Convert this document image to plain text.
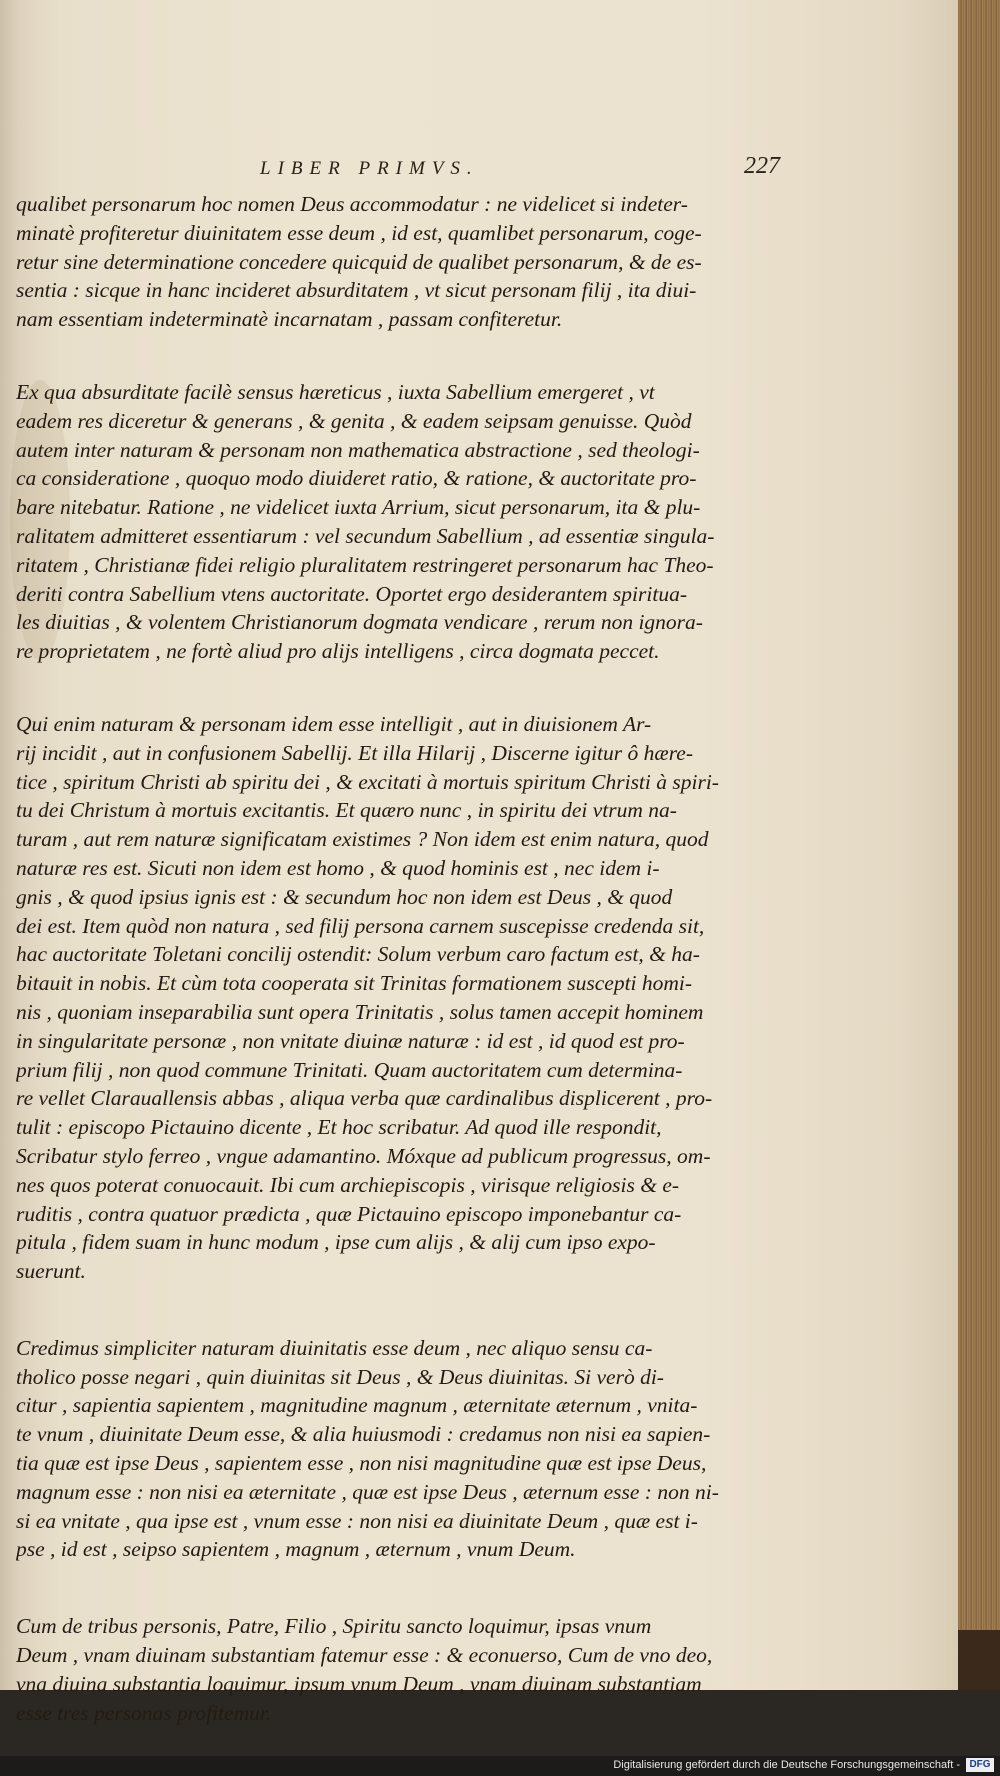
LIBER PRIMVS.	227
qualibet personarum hoc nomen Deus accommodatur : ne videlicet si indeter-
minatè profiteretur diuinitatem esse deum , id est, quamlibet personarum, coge-
retur sine determinatione concedere quicquid de qualibet personarum, & de es-
sentia : sicque in hanc incideret absurditatem , vt sicut personam filij , ita diui-
nam essentiam indeterminatè incarnatam , passam confiteretur.
Ex qua absurditate facilè sensus hæreticus , iuxta Sabellium emergeret , vt
eadem res diceretur & generans , & genita , & eadem seipsam genuisse. Quòd
autem inter naturam & personam non mathematica abstractione , sed theologi-
ca consideratione , quoquo modo diuideret ratio, & ratione, & auctoritate pro-
bare nitebatur. Ratione , ne videlicet iuxta Arrium, sicut personarum, ita & plu-
ralitatem admitteret essentiarum : vel secundum Sabellium , ad essentiæ singula-
ritatem , Christianæ fidei religio pluralitatem restringeret personarum hac Theo-
deriti contra Sabellium vtens auctoritate. Oportet ergo desiderantem spiritua-
les diuitias , & volentem Christianorum dogmata vendicare , rerum non ignora-
re proprietatem , ne fortè aliud pro alijs intelligens , circa dogmata peccet.
Qui enim naturam & personam idem esse intelligit , aut in diuisionem Ar-
rij incidit , aut in confusionem Sabellij. Et illa Hilarij , Discerne igitur ô hære-
tice , spiritum Christi ab spiritu dei , & excitati à mortuis spiritum Christi à spiri-
tu dei Christum à mortuis excitantis. Et quæro nunc , in spiritu dei vtrum na-
turam , aut rem naturæ significatam existimes ? Non idem est enim natura, quod
naturæ res est. Sicuti non idem est homo , & quod hominis est , nec idem i-
gnis , & quod ipsius ignis est : & secundum hoc non idem est Deus , & quod
dei est. Item quòd non natura , sed filij persona carnem suscepisse credenda sit,
hac auctoritate Toletani concilij ostendit: Solum verbum caro factum est, & ha-
bitauit in nobis. Et cùm tota cooperata sit Trinitas formationem suscepti homi-
nis , quoniam inseparabilia sunt opera Trinitatis , solus tamen accepit hominem
in singularitate personæ , non vnitate diuinæ naturæ : id est , id quod est pro-
prium filij , non quod commune Trinitati. Quam auctoritatem cum determina-
re vellet Clarauallensis abbas , aliqua verba quæ cardinalibus displicerent , pro-
tulit : episcopo Pictauino dicente , Et hoc scribatur. Ad quod ille respondit,
Scribatur stylo ferreo , vngue adamantino. Móxque ad publicum progressus, om-
nes quos poterat conuocauit. Ibi cum archiepiscopis , virisque religiosis & e-
ruditis , contra quatuor prædicta , quæ Pictauino episcopo imponebantur ca-
pitula , fidem suam in hunc modum , ipse cum alijs , & alij cum ipso expo-
suerunt.
Credimus simpliciter naturam diuinitatis esse deum , nec aliquo sensu ca-
tholico posse negari , quin diuinitas sit Deus , & Deus diuinitas. Si verò di-
citur , sapientia sapientem , magnitudine magnum , æternitate æternum , vnita-
te vnum , diuinitate Deum esse, & alia huiusmodi : credamus non nisi ea sapien-
tia quæ est ipse Deus , sapientem esse , non nisi magnitudine quæ est ipse Deus,
magnum esse : non nisi ea æternitate , quæ est ipse Deus , æternum esse : non ni-
si ea vnitate , qua ipse est , vnum esse : non nisi ea diuinitate Deum , quæ est i-
pse , id est , seipso sapientem , magnum , æternum , vnum Deum.
Cum de tribus personis, Patre, Filio , Spiritu sancto loquimur, ipsas vnum
Deum , vnam diuinam substantiam fatemur esse : & econuerso, Cum de vno deo,
vna diuina substantia loquimur, ipsum vnum Deum , vnam diuinam substantiam
esse tres personas profitemur.
Digitalisierung gefördert durch die Deutsche Forschungsgemeinschaft - DFG
